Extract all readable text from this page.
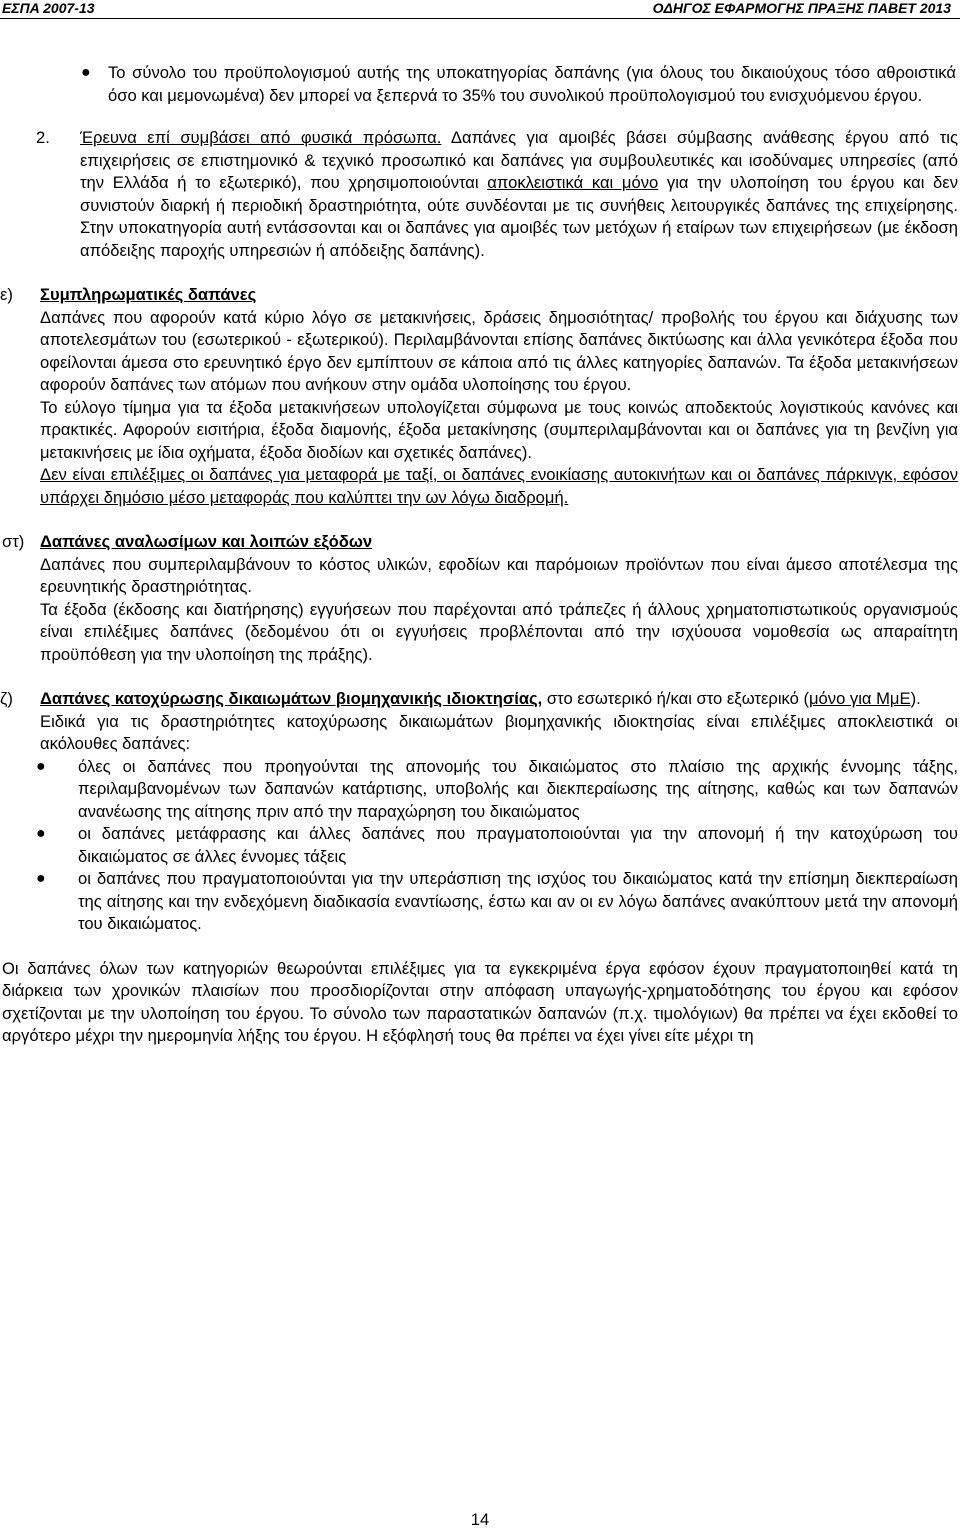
ΕΣΠΑ 2007-13	ΟΔΗΓΟΣ ΕΦΑΡΜΟΓΗΣ ΠΡΑΞΗΣ ΠΑΒΕΤ 2013
● Το σύνολο του προϋπολογισμού αυτής της υποκατηγορίας δαπάνης (για όλους του δικαιούχους τόσο αθροιστικά όσο και μεμονωμένα) δεν μπορεί να ξεπερνά το 35% του συνολικού προϋπολογισμού του ενισχυόμενου έργου.

2. Έρευνα επί συμβάσει από φυσικά πρόσωπα. Δαπάνες για αμοιβές βάσει σύμβασης ανάθεσης έργου από τις επιχειρήσεις σε επιστημονικό & τεχνικό προσωπικό και δαπάνες για συμβουλευτικές και ισοδύναμες υπηρεσίες (από την Ελλάδα ή το εξωτερικό), που χρησιμοποιούνται αποκλειστικά και μόνο για την υλοποίηση του έργου και δεν συνιστούν διαρκή ή περιοδική δραστηριότητα, ούτε συνδέονται με τις συνήθεις λειτουργικές δαπάνες της επιχείρησης. Στην υποκατηγορία αυτή εντάσσονται και οι δαπάνες για αμοιβές των μετόχων ή εταίρων των επιχειρήσεων (με έκδοση απόδειξης παροχής υπηρεσιών ή απόδειξης δαπάνης).

ε) Συμπληρωματικές δαπάνες

Δαπάνες που αφορούν κατά κύριο λόγο σε μετακινήσεις, δράσεις δημοσιότητας/ προβολής του έργου και διάχυσης των αποτελεσμάτων του (εσωτερικού - εξωτερικού). Περιλαμβάνονται επίσης δαπάνες δικτύωσης και άλλα γενικότερα έξοδα που οφείλονται άμεσα στο ερευνητικό έργο δεν εμπίπτουν σε κάποια από τις άλλες κατηγορίες δαπανών. Τα έξοδα μετακινήσεων αφορούν δαπάνες των ατόμων που ανήκουν στην ομάδα υλοποίησης του έργου.

Το εύλογο τίμημα για τα έξοδα μετακινήσεων υπολογίζεται σύμφωνα με τους κοινώς αποδεκτούς λογιστικούς κανόνες και πρακτικές. Αφορούν εισιτήρια, έξοδα διαμονής, έξοδα μετακίνησης (συμπεριλαμβάνονται και οι δαπάνες για τη βενζίνη για μετακινήσεις με ίδια οχήματα, έξοδα διοδίων και σχετικές δαπάνες).

Δεν είναι επιλέξιμες οι δαπάνες για μεταφορά με ταξί, οι δαπάνες ενοικίασης αυτοκινήτων και οι δαπάνες πάρκινγκ, εφόσον υπάρχει δημόσιο μέσο μεταφοράς που καλύπτει την ων λόγω διαδρομή.

στ) Δαπάνες αναλωσίμων και λοιπών εξόδων

Δαπάνες που συμπεριλαμβάνουν το κόστος υλικών, εφοδίων και παρόμοιων προϊόντων που είναι άμεσο αποτέλεσμα της ερευνητικής δραστηριότητας.

Τα έξοδα (έκδοσης και διατήρησης) εγγυήσεων που παρέχονται από τράπεζες ή άλλους χρηματοπιστωτικούς οργανισμούς είναι επιλέξιμες δαπάνες (δεδομένου ότι οι εγγυήσεις προβλέπονται από την ισχύουσα νομοθεσία ως απαραίτητη προϋπόθεση για την υλοποίηση της πράξης).

ζ) Δαπάνες κατοχύρωσης δικαιωμάτων βιομηχανικής ιδιοκτησίας, στο εσωτερικό ή/και στο εξωτερικό (μόνο για ΜμΕ).

Ειδικά για τις δραστηριότητες κατοχύρωσης δικαιωμάτων βιομηχανικής ιδιοκτησίας είναι επιλέξιμες αποκλειστικά οι ακόλουθες δαπάνες:

● όλες οι δαπάνες που προηγούνται της απονομής του δικαιώματος στο πλαίσιο της αρχικής έννομης τάξης, περιλαμβανομένων των δαπανών κατάρτισης, υποβολής και διεκπεραίωσης της αίτησης, καθώς και των δαπανών ανανέωσης της αίτησης πριν από την παραχώρηση του δικαιώματος

● οι δαπάνες μετάφρασης και άλλες δαπάνες που πραγματοποιούνται για την απονομή ή την κατοχύρωση του δικαιώματος σε άλλες έννομες τάξεις

● οι δαπάνες που πραγματοποιούνται για την υπεράσπιση της ισχύος του δικαιώματος κατά την επίσημη διεκπεραίωση της αίτησης και την ενδεχόμενη διαδικασία εναντίωσης, έστω και αν οι εν λόγω δαπάνες ανακύπτουν μετά την απονομή του δικαιώματος.

Οι δαπάνες όλων των κατηγοριών θεωρούνται επιλέξιμες για τα εγκεκριμένα έργα εφόσον έχουν πραγματοποιηθεί κατά τη διάρκεια των χρονικών πλαισίων που προσδιορίζονται στην απόφαση υπαγωγής-χρηματοδότησης του έργου και εφόσον σχετίζονται με την υλοποίηση του έργου. Το σύνολο των παραστατικών δαπανών (π.χ. τιμολόγιων) θα πρέπει να έχει εκδοθεί το αργότερο μέχρι την ημερομηνία λήξης του έργου. Η εξόφλησή τους θα πρέπει να έχει γίνει είτε μέχρι τη

14
